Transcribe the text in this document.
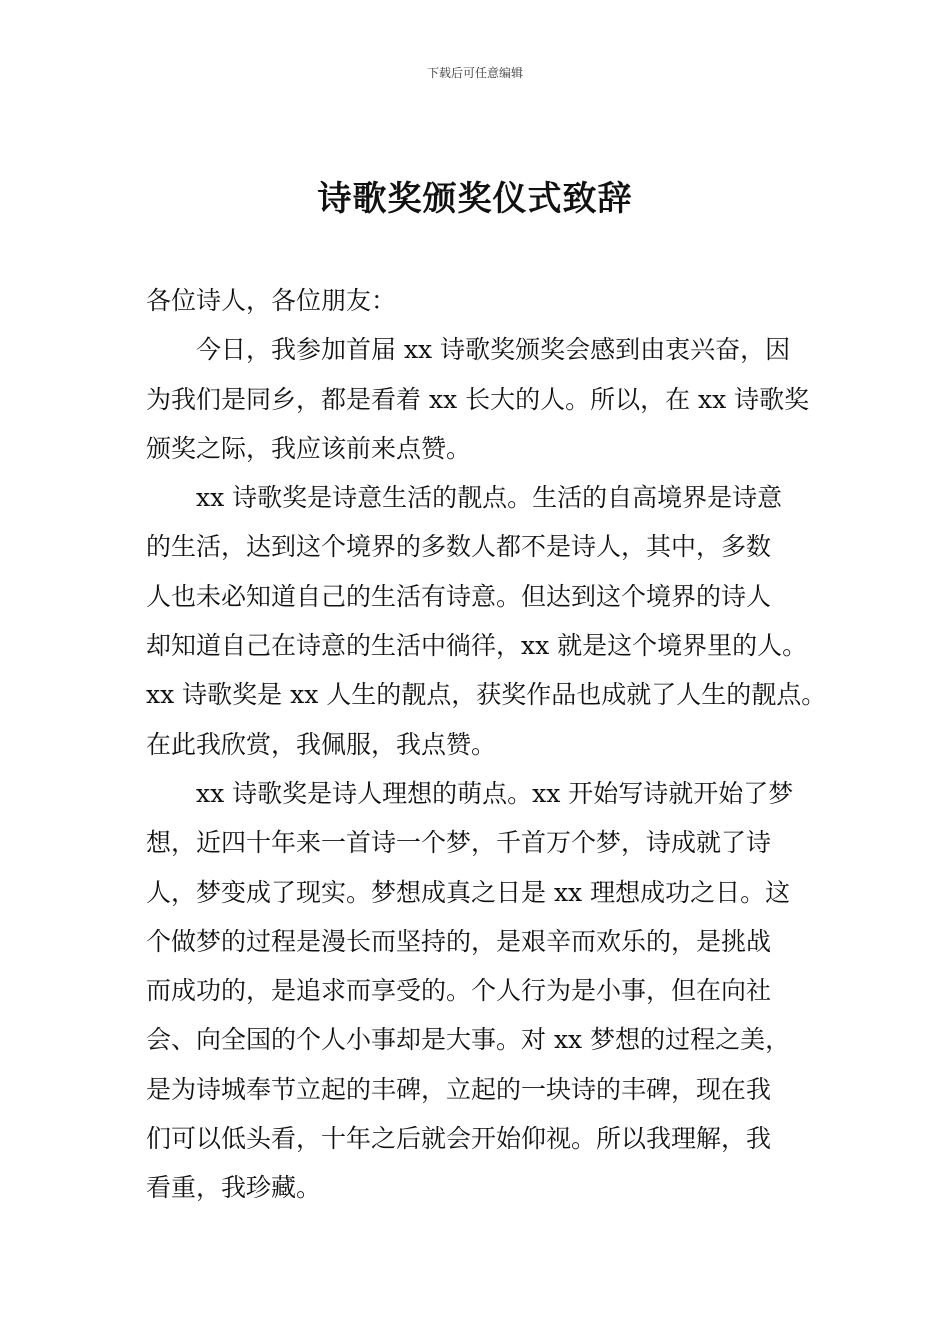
下载后可任意编辑
诗歌奖颁奖仪式致辞
各位诗人，各位朋友：
今日，我参加首届 xx 诗歌奖颁奖会感到由衷兴奋，因
为我们是同乡，都是看着 xx 长大的人。所以，在 xx 诗歌奖
颁奖之际，我应该前来点赞。
xx 诗歌奖是诗意生活的靓点。生活的自高境界是诗意
的生活，达到这个境界的多数人都不是诗人，其中，多数
人也未必知道自己的生活有诗意。但达到这个境界的诗人
却知道自己在诗意的生活中徜徉，xx 就是这个境界里的人。
xx 诗歌奖是 xx 人生的靓点，获奖作品也成就了人生的靓点。
在此我欣赏，我佩服，我点赞。
xx 诗歌奖是诗人理想的萌点。xx 开始写诗就开始了梦
想，近四十年来一首诗一个梦，千首万个梦，诗成就了诗
人，梦变成了现实。梦想成真之日是 xx 理想成功之日。这
个做梦的过程是漫长而坚持的，是艰辛而欢乐的，是挑战
而成功的，是追求而享受的。个人行为是小事，但在向社
会、向全国的个人小事却是大事。对 xx 梦想的过程之美，
是为诗城奉节立起的丰碑，立起的一块诗的丰碑，现在我
们可以低头看，十年之后就会开始仰视。所以我理解，我
看重，我珍藏。
